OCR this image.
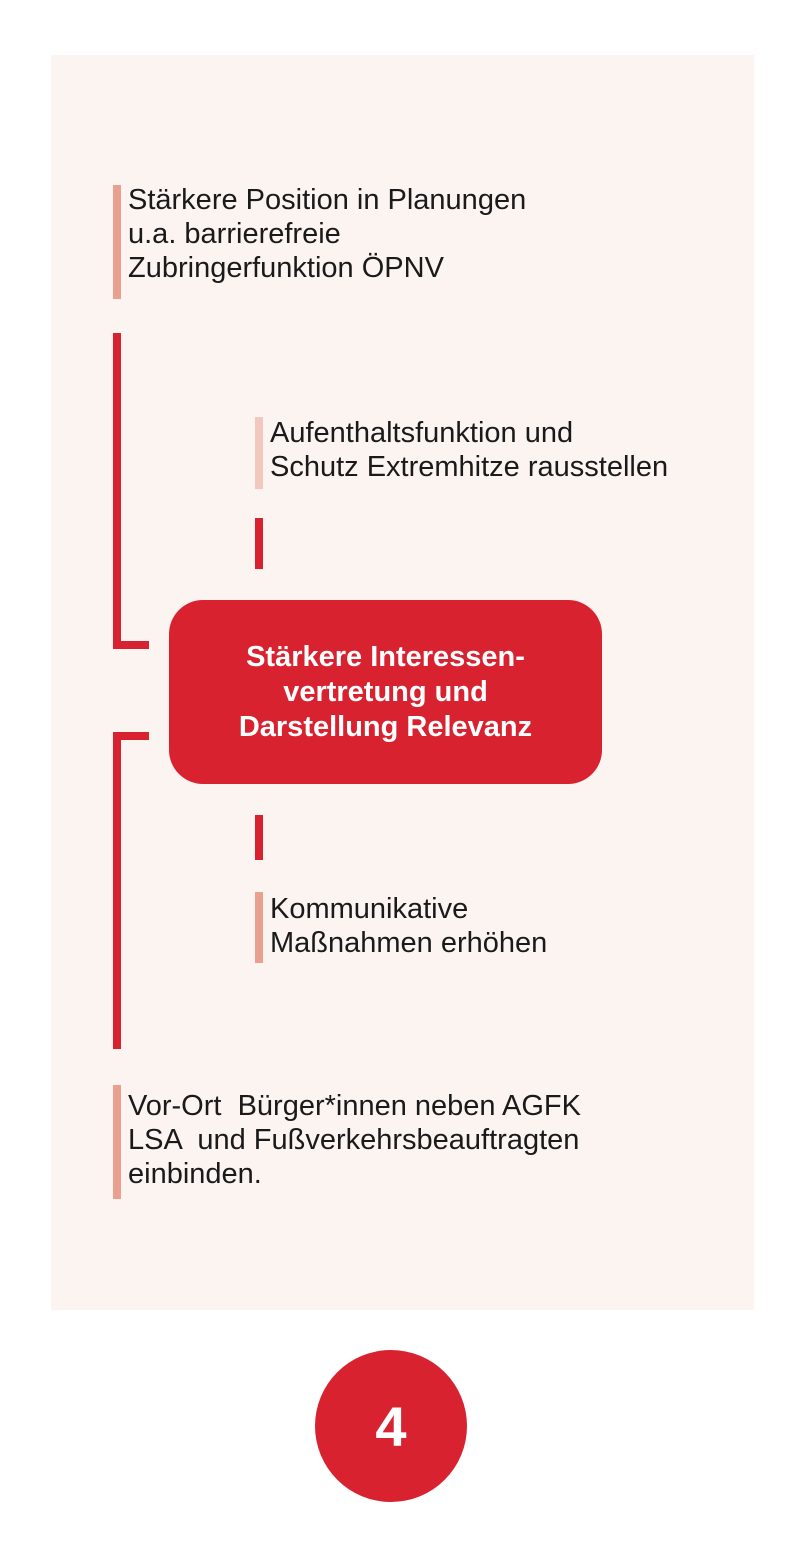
Stärkere Position in Planungen
u.a. barrierefreie
Zubringerfunktion ÖPNV
Aufenthaltsfunktion und
Schutz Extremhitze rausstellen
Stärkere Interessen-
vertretung und
Darstellung Relevanz
Kommunikative
Maßnahmen erhöhen
Vor-Ort  Bürger*innen neben AGFK
LSA  und Fußverkehrsbeauftragten
einbinden.
4
